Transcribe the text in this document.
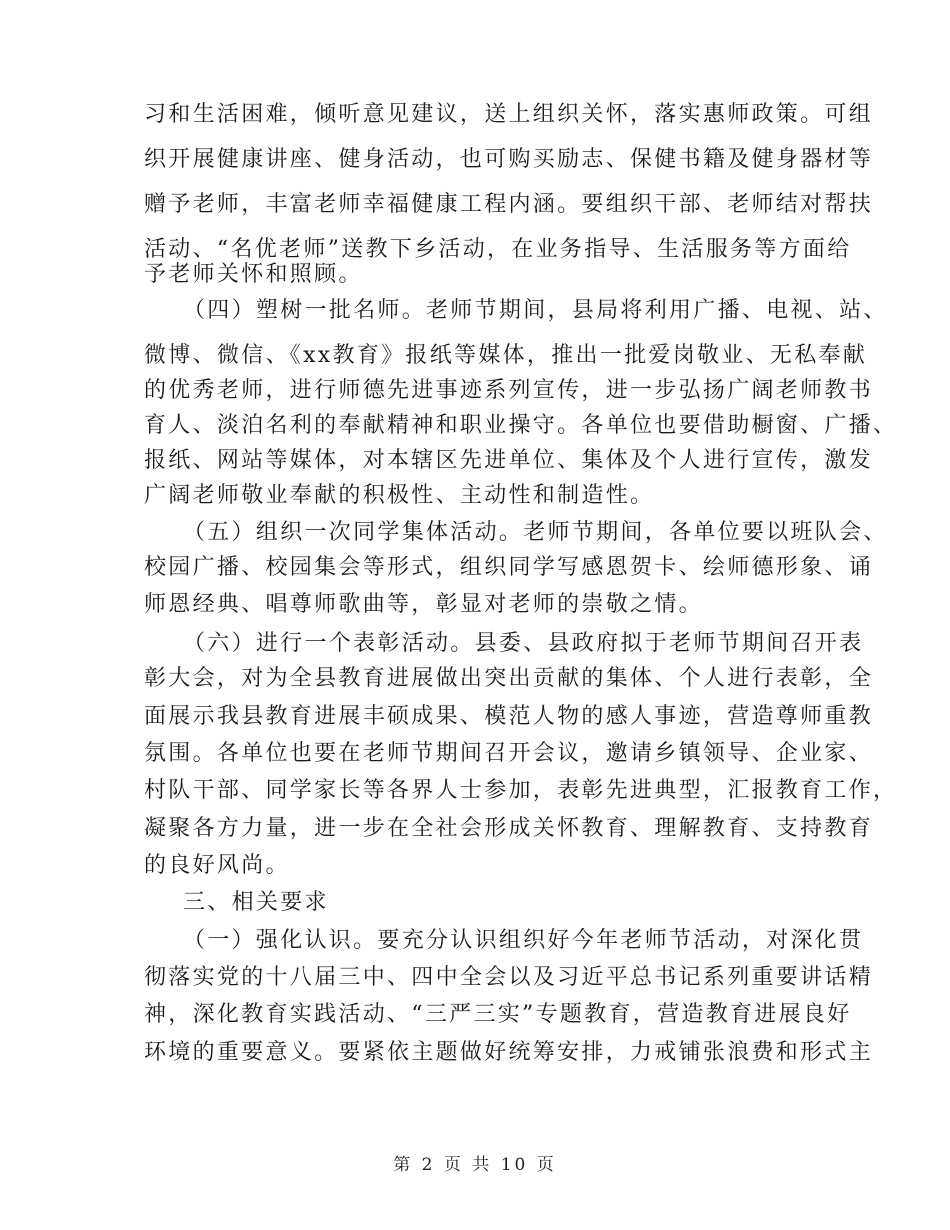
习和生活困难，倾听意见建议，送上组织关怀，落实惠师政策。可组
织开展健康讲座、健身活动，也可购买励志、保健书籍及健身器材等
赠予老师，丰富老师幸福健康工程内涵。要组织干部、老师结对帮扶
活动、“名优老师”送教下乡活动，在业务指导、生活服务等方面给
予老师关怀和照顾。
（四）塑树一批名师。老师节期间，县局将利用广播、电视、站、
微博、微信、《xx教育》报纸等媒体，推出一批爱岗敬业、无私奉献
的优秀老师，进行师德先进事迹系列宣传，进一步弘扬广阔老师教书
育人、淡泊名利的奉献精神和职业操守。各单位也要借助橱窗、广播、
报纸、网站等媒体，对本辖区先进单位、集体及个人进行宣传，激发
广阔老师敬业奉献的积极性、主动性和制造性。
（五）组织一次同学集体活动。老师节期间，各单位要以班队会、
校园广播、校园集会等形式，组织同学写感恩贺卡、绘师德形象、诵
师恩经典、唱尊师歌曲等，彰显对老师的崇敬之情。
（六）进行一个表彰活动。县委、县政府拟于老师节期间召开表
彰大会，对为全县教育进展做出突出贡献的集体、个人进行表彰，全
面展示我县教育进展丰硕成果、模范人物的感人事迹，营造尊师重教
氛围。各单位也要在老师节期间召开会议，邀请乡镇领导、企业家、
村队干部、同学家长等各界人士参加，表彰先进典型，汇报教育工作，
凝聚各方力量，进一步在全社会形成关怀教育、理解教育、支持教育
的良好风尚。
三、相关要求
（一）强化认识。要充分认识组织好今年老师节活动，对深化贯
彻落实党的十八届三中、四中全会以及习近平总书记系列重要讲话精
神，深化教育实践活动、“三严三实”专题教育，营造教育进展良好
环境的重要意义。要紧依主题做好统筹安排，力戒铺张浪费和形式主
第 2 页 共 10 页
